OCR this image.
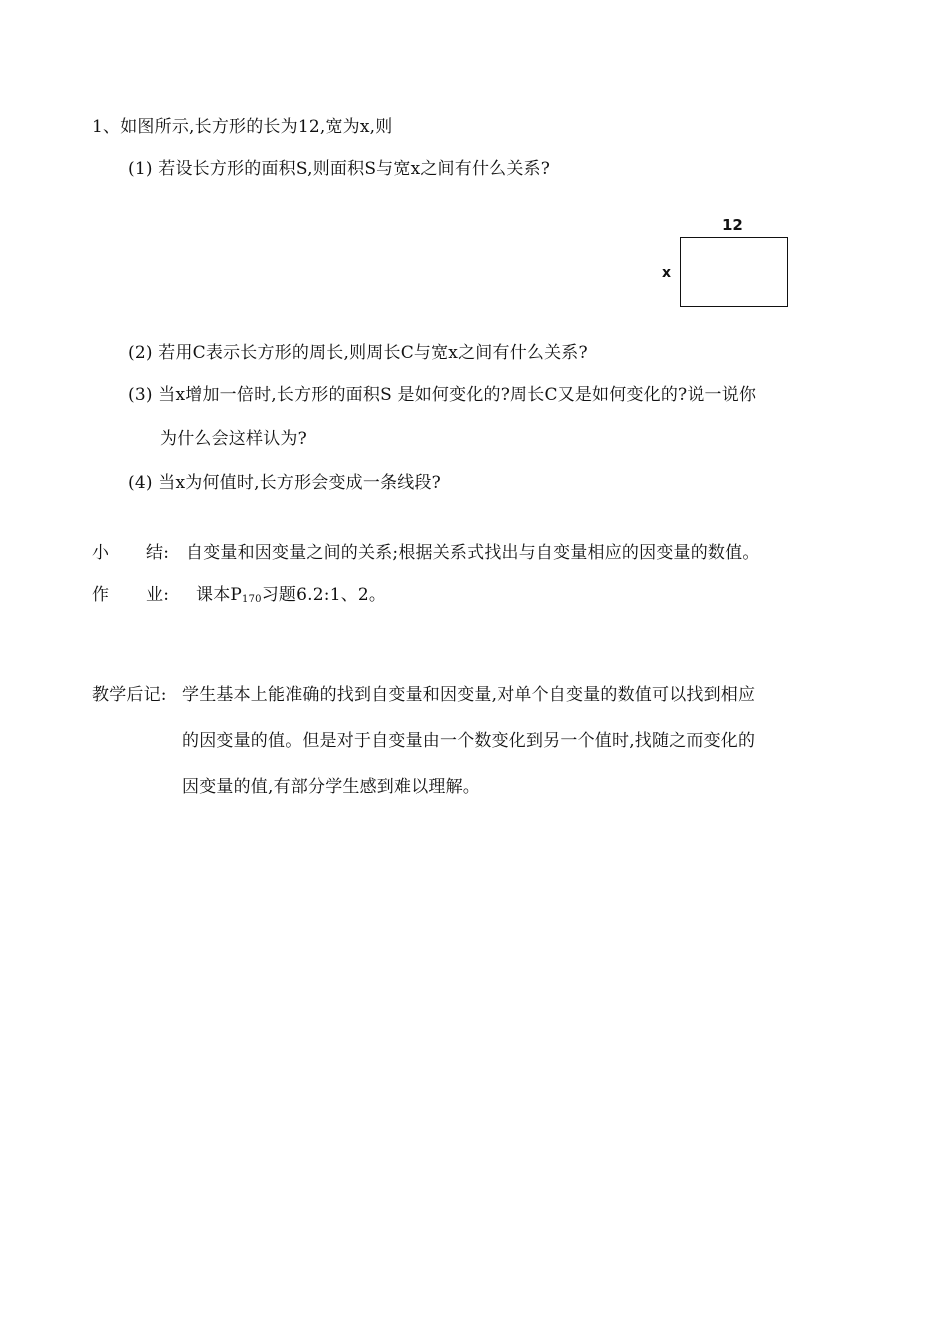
1、如图所示,长方形的长为12,宽为x,则
(1) 若设长方形的面积S,则面积S与宽x之间有什么关系?
12
x
(2) 若用C表示长方形的周长,则周长C与宽x之间有什么关系?
(3) 当x增加一倍时,长方形的面积S 是如何变化的?周长C又是如何变化的?说一说你
为什么会这样认为?
(4) 当x为何值时,长方形会变成一条线段?
小 结: 自变量和因变量之间的关系;根据关系式找出与自变量相应的因变量的数值。
作 业: 课本$P_{170}$习题6.2:1、2。
教学后记: 学生基本上能准确的找到自变量和因变量,对单个自变量的数值可以找到相应
的因变量的值。但是对于自变量由一个数变化到另一个值时,找随之而变化的
因变量的值,有部分学生感到难以理解。
